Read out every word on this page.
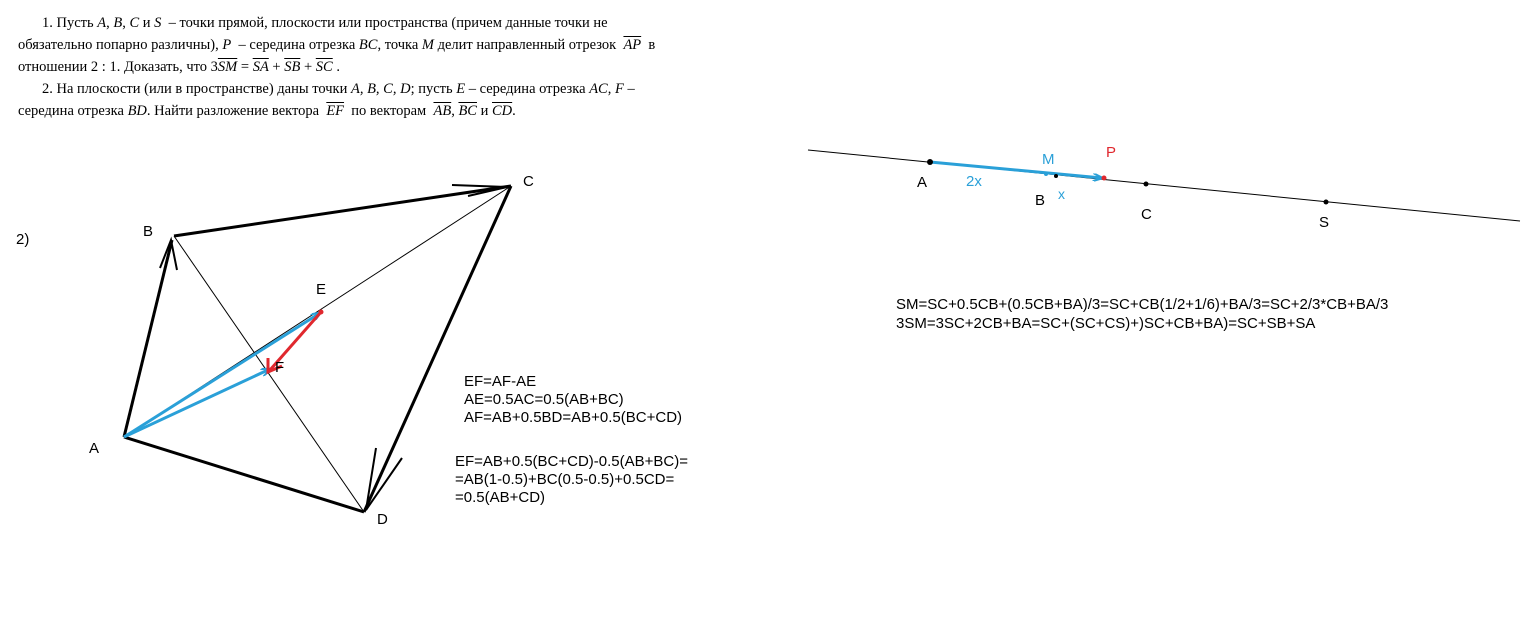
1. Пусть A, B, C и S – точки прямой, плоскости или пространства (причем данные точки не обязательно попарно различны), P – середина отрезка BC, точка M делит направленный отрезок $\overline{AP}$ в отношении 2 : 1. Доказать, что $3\overline{SM} = \overline{SA} + \overline{SB} + \overline{SC}$ .
2. На плоскости (или в пространстве) даны точки A, B, C, D; пусть E – середина отрезка AC, F – середина отрезка BD. Найти разложение вектора $\overline{EF}$ по векторам $\overline{AB}$, $\overline{BC}$ и $\overline{CD}$.
2)
A
B
C
D
E
F
EF=AF-AE
AE=0.5AC=0.5(AB+BC)
AF=AB+0.5BD=AB+0.5(BC+CD)
EF=AB+0.5(BC+CD)-0.5(AB+BC)=
=AB(1-0.5)+BC(0.5-0.5)+0.5CD=
=0.5(AB+CD)
A
B
C	S
M	P
2x
x
SM=SC+0.5CB+(0.5CB+BA)/3=SC+CB(1/2+1/6)+BA/3=SC+2/3*CB+BA/3
3SM=3SC+2CB+BA=SC+(SC+CS)+)SC+CB+BA)=SC+SB+SA
